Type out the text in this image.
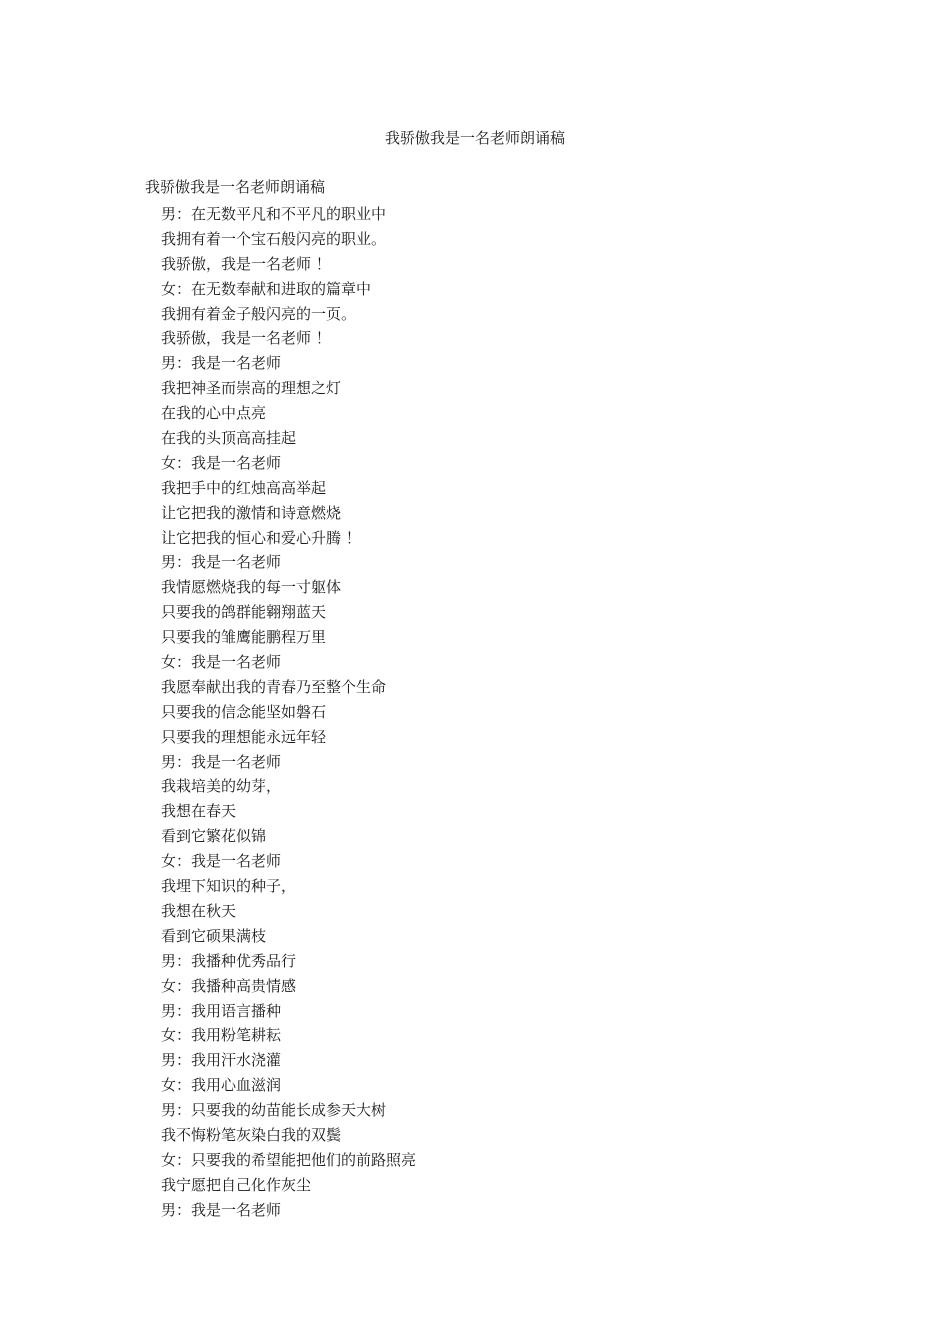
我骄傲我是一名老师朗诵稿

我骄傲我是一名老师朗诵稿

男：在无数平凡和不平凡的职业中
我拥有着一个宝石般闪亮的职业。
我骄傲，我是一名老师 ！
女：在无数奉献和进取的篇章中
我拥有着金子般闪亮的一页。
我骄傲，我是一名老师 ！
男：我是一名老师
我把神圣而崇高的理想之灯
在我的心中点亮
在我的头顶高高挂起
女：我是一名老师
我把手中的红烛高高举起
让它把我的激情和诗意燃烧
让它把我的恒心和爱心升腾 ！
男：我是一名老师
我情愿燃烧我的每一寸躯体
只要我的鸽群能翱翔蓝天
只要我的雏鹰能鹏程万里
女：我是一名老师
我愿奉献出我的青春乃至整个生命
只要我的信念能坚如磐石
只要我的理想能永远年轻
男：我是一名老师
我栽培美的幼芽，
我想在春天
看到它繁花似锦
女：我是一名老师
我埋下知识的种子，
我想在秋天
看到它硕果满枝
男：我播种优秀品行
女：我播种高贵情感
男：我用语言播种
女：我用粉笔耕耘
男：我用汗水浇灌
女：我用心血滋润
男：只要我的幼苗能长成参天大树
我不悔粉笔灰染白我的双鬓
女：只要我的希望能把他们的前路照亮
我宁愿把自己化作灰尘
男：我是一名老师
